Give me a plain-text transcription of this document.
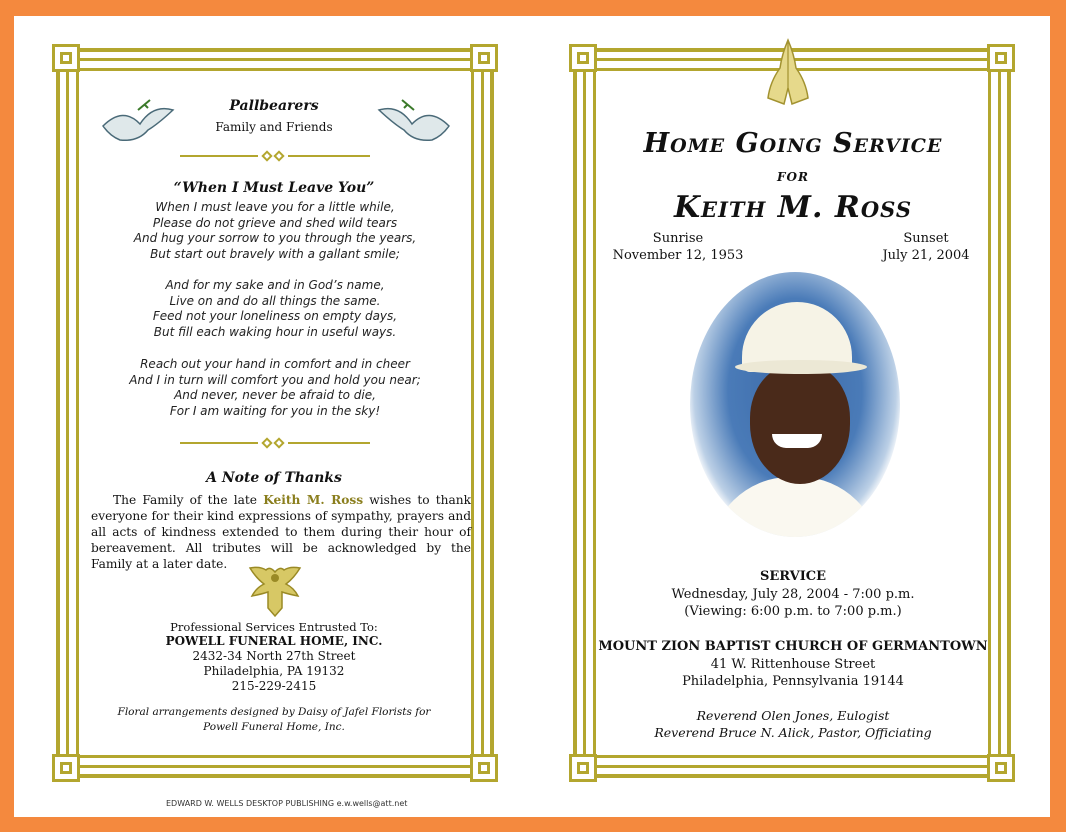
Pallbearers
Family and Friends
“When I Must Leave You”
When I must leave you for a little while,
Please do not grieve and shed wild tears
And hug your sorrow to you through the years,
But start out bravely with a gallant smile;
And for my sake and in God’s name,
Live on and do all things the same.
Feed not your loneliness on empty days,
But fill each waking hour in useful ways.
Reach out your hand in comfort and in cheer
And I in turn will comfort you and hold you near;
And never, never be afraid to die,
For I am waiting for you in the sky!
A Note of Thanks
The Family of the late Keith M. Ross wishes to thank everyone for their kind expressions of sympathy, prayers and all acts of kindness extended to them during their hour of bereavement. All tributes will be acknowledged by the Family at a later date.
Professional Services Entrusted To:
POWELL FUNERAL HOME, INC.
2432-34 North 27th Street
Philadelphia, PA 19132
215-229-2415
Floral arrangements designed by Daisy of Jafel Florists for
Powell Funeral Home, Inc.
Home Going Service
for
Keith M. Ross
Sunrise
November 12, 1953
Sunset
July 21, 2004
SERVICE
Wednesday, July 28, 2004 - 7:00 p.m.
(Viewing: 6:00 p.m. to 7:00 p.m.)
MOUNT ZION BAPTIST CHURCH OF GERMANTOWN
41 W. Rittenhouse Street
Philadelphia, Pennsylvania 19144
Reverend Olen Jones, Eulogist
Reverend Bruce N. Alick, Pastor, Officiating
EDWARD W. WELLS DESKTOP PUBLISHING e.w.wells@att.net
